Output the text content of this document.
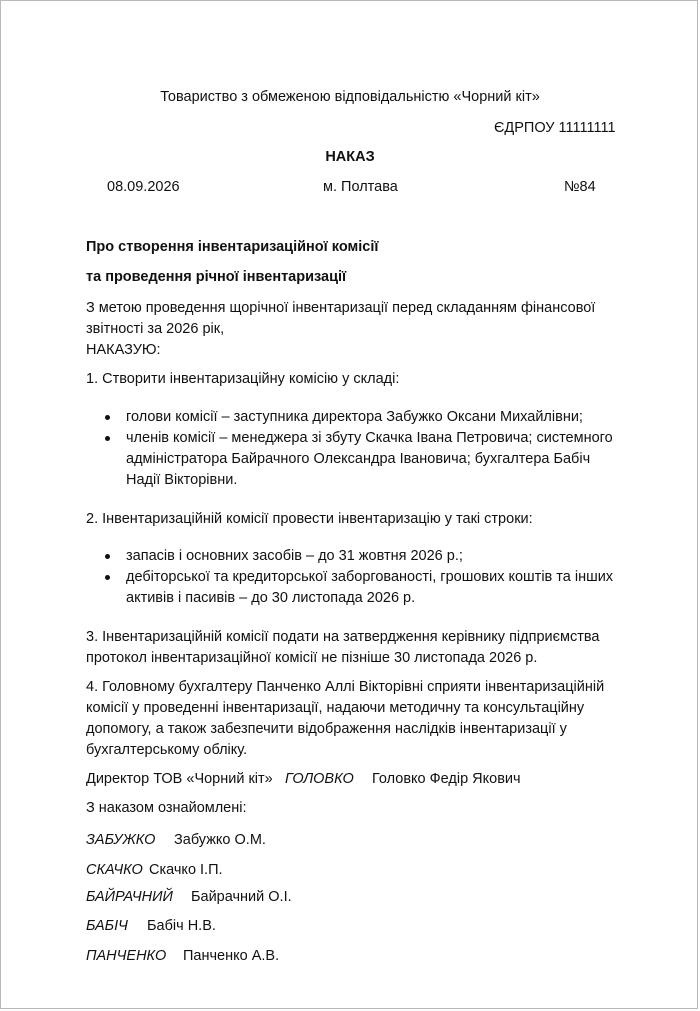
Товариство з обмеженою відповідальністю «Чорний кіт»
ЄДРПОУ 11111111
НАКАЗ
08.09.2026	м. Полтава	№84
Про створення інвентаризаційної комісії
та проведення річної інвентаризації
З метою проведення щорічної інвентаризації перед складанням фінансової
звітності за 2026 рік,
НАКАЗУЮ:
1. Створити інвентаризаційну комісію у складі:
голови комісії – заступника директора Забужко Оксани Михайлівни;
членів комісії – менеджера зі збуту Скачка Івана Петровича; системного
адміністратора Байрачного Олександра Івановича; бухгалтера Бабіч
Надії Вікторівни.
2. Інвентаризаційній комісії провести інвентаризацію у такі строки:
запасів і основних засобів – до 31 жовтня 2026 р.;
дебіторської та кредиторської заборгованості, грошових коштів та інших
активів і пасивів – до 30 листопада 2026 р.
3. Інвентаризаційній комісії подати на затвердження керівнику підприємства
протокол інвентаризаційної комісії не пізніше 30 листопада 2026 р.
4. Головному бухгалтеру Панченко Аллі Вікторівні сприяти інвентаризаційній
комісії у проведенні інвентаризації, надаючи методичну та консультаційну
допомогу, а також забезпечити відображення наслідків інвентаризації у
бухгалтерському обліку.
Директор ТОВ «Чорний кіт» ГОЛОВКО Головко Федір Якович
З наказом ознайомлені:
ЗАБУЖКО Забужко О.М.
СКАЧКО Скачко І.П.
БАЙРАЧНИЙ Байрачний О.І.
БАБІЧ Бабіч Н.В.
ПАНЧЕНКО Панченко А.В.
